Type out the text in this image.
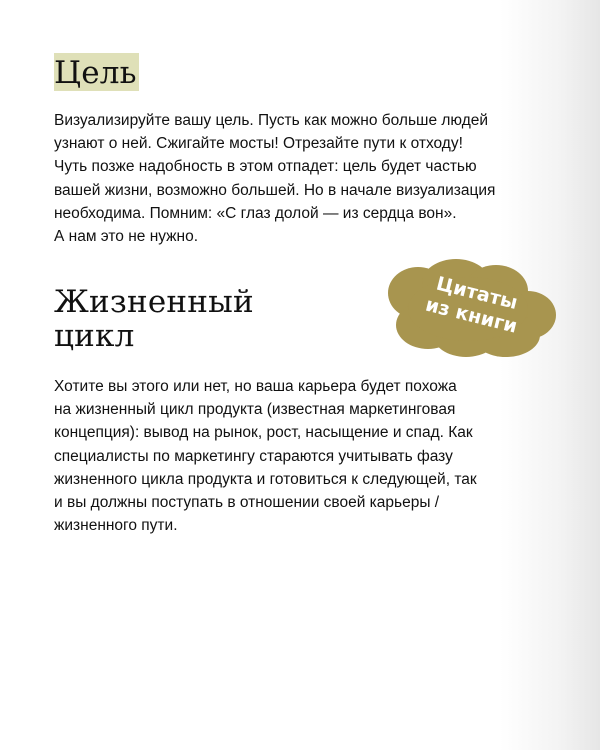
Цель

Визуализируйте вашу цель. Пусть как можно больше людей
узнают о ней. Сжигайте мосты! Отрезайте пути к отходу!
Чуть позже надобность в этом отпадет: цель будет частью
вашей жизни, возможно большей. Но в начале визуализация
необходима. Помним: «С глаз долой — из сердца вон».
А нам это не нужно.

Цитаты
из книги
Жизненный
цикл

Хотите вы этого или нет, но ваша карьера будет похожа
на жизненный цикл продукта (известная маркетинговая
концепция): вывод на рынок, рост, насыщение и спад. Как
специалисты по маркетингу стараются учитывать фазу
жизненного цикла продукта и готовиться к следующей, так
и вы должны поступать в отношении своей карьеры /
жизненного пути.
